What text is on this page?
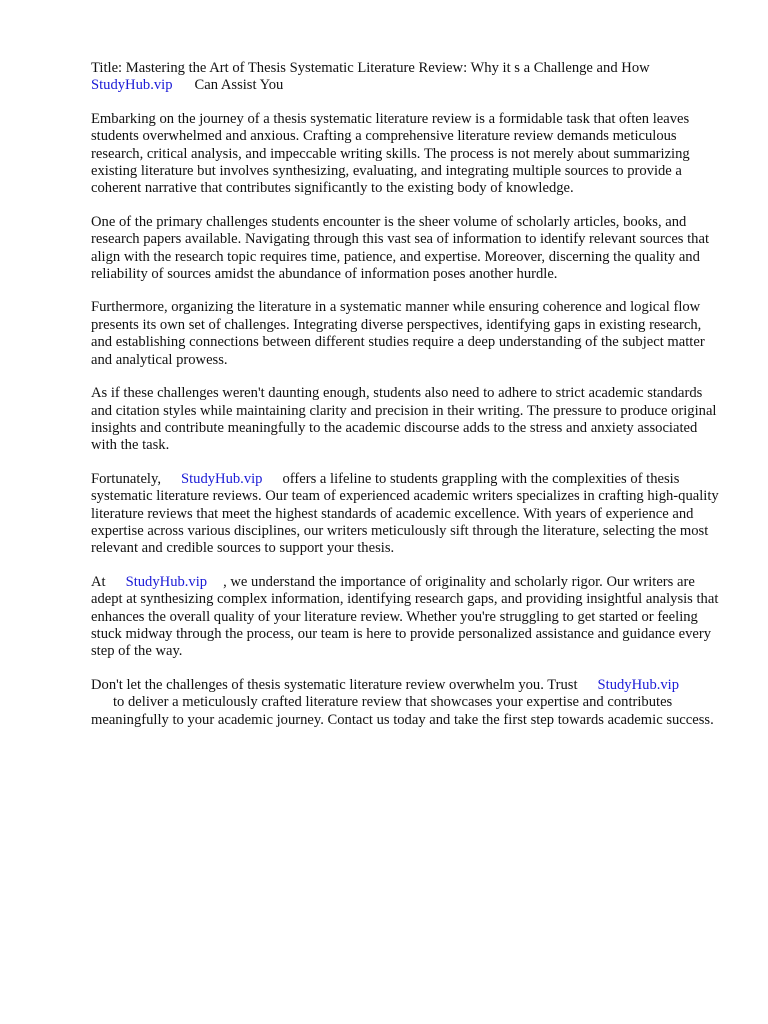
Title: Mastering the Art of Thesis Systematic Literature Review: Why it s a Challenge and How
StudyHub.vip Can Assist You

Embarking on the journey of a thesis systematic literature review is a formidable task that often leaves students overwhelmed and anxious. Crafting a comprehensive literature review demands meticulous research, critical analysis, and impeccable writing skills. The process is not merely about summarizing existing literature but involves synthesizing, evaluating, and integrating multiple sources to provide a coherent narrative that contributes significantly to the existing body of knowledge.

One of the primary challenges students encounter is the sheer volume of scholarly articles, books, and research papers available. Navigating through this vast sea of information to identify relevant sources that align with the research topic requires time, patience, and expertise. Moreover, discerning the quality and reliability of sources amidst the abundance of information poses another hurdle.

Furthermore, organizing the literature in a systematic manner while ensuring coherence and logical flow presents its own set of challenges. Integrating diverse perspectives, identifying gaps in existing research, and establishing connections between different studies require a deep understanding of the subject matter and analytical prowess.

As if these challenges weren't daunting enough, students also need to adhere to strict academic standards and citation styles while maintaining clarity and precision in their writing. The pressure to produce original insights and contribute meaningfully to the academic discourse adds to the stress and anxiety associated with the task.

Fortunately, StudyHub.vip offers a lifeline to students grappling with the complexities of thesis systematic literature reviews. Our team of experienced academic writers specializes in crafting high-quality literature reviews that meet the highest standards of academic excellence. With years of experience and expertise across various disciplines, our writers meticulously sift through the literature, selecting the most relevant and credible sources to support your thesis.

At StudyHub.vip , we understand the importance of originality and scholarly rigor. Our writers are adept at synthesizing complex information, identifying research gaps, and providing insightful analysis that enhances the overall quality of your literature review. Whether you're struggling to get started or feeling stuck midway through the process, our team is here to provide personalized assistance and guidance every step of the way.

Don't let the challenges of thesis systematic literature review overwhelm you. Trust StudyHub.vip
to deliver a meticulously crafted literature review that showcases your expertise and contributes meaningfully to your academic journey. Contact us today and take the first step towards academic success.
